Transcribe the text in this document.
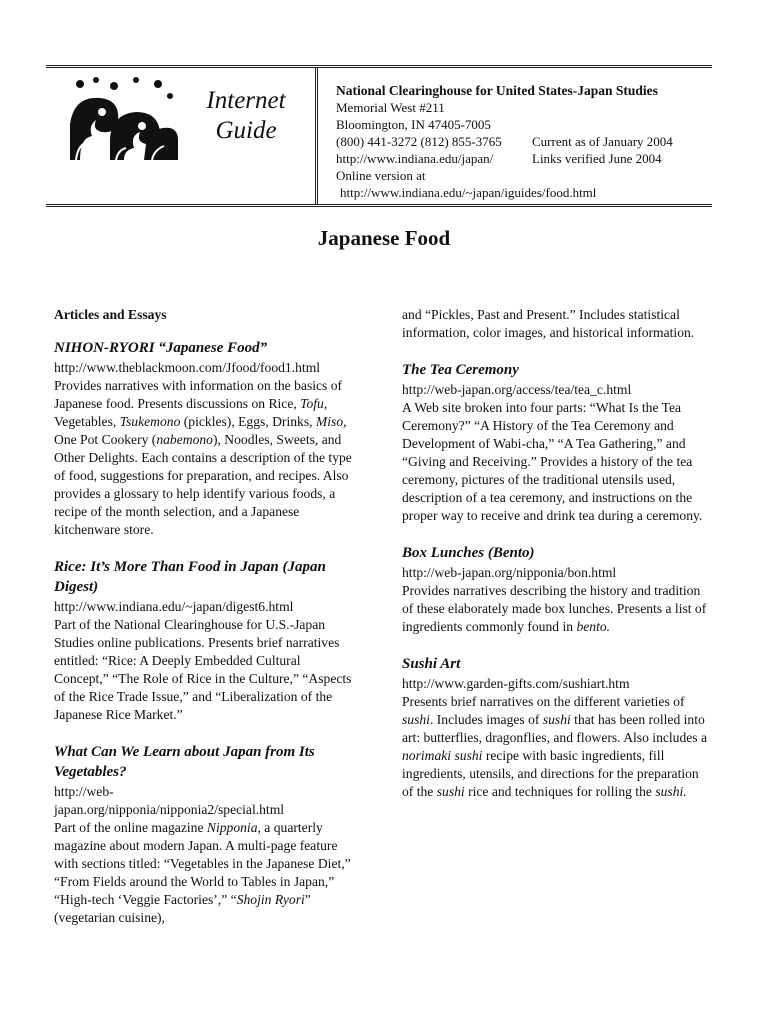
Internet
Guide
National Clearinghouse for United States-Japan Studies
Memorial West #211
Bloomington, IN 47405-7005
(800) 441-3272 (812) 855-3765	Current as of January 2004
http://www.indiana.edu/japan/	Links verified June 2004
Online version at
http://www.indiana.edu/~japan/iguides/food.html
Japanese Food
Articles and Essays
NIHON-RYORI “Japanese Food”
http://www.theblackmoon.com/Jfood/food1.html
Provides narratives with information on the basics of Japanese food. Presents discussions on Rice, Tofu, Vegetables, Tsukemono (pickles), Eggs, Drinks, Miso, One Pot Cookery (nabemono), Noodles, Sweets, and Other Delights. Each contains a description of the type of food, suggestions for preparation, and recipes. Also provides a glossary to help identify various foods, a recipe of the month selection, and a Japanese kitchenware store.
Rice: It’s More Than Food in Japan (Japan Digest)
http://www.indiana.edu/~japan/digest6.html
Part of the National Clearinghouse for U.S.-Japan Studies online publications. Presents brief narratives entitled: “Rice: A Deeply Embedded Cultural Concept,” “The Role of Rice in the Culture,” “Aspects of the Rice Trade Issue,” and “Liberalization of the Japanese Rice Market.”
What Can We Learn about Japan from Its Vegetables?
http://web-japan.org/nipponia/nipponia2/special.html
Part of the online magazine Nipponia, a quarterly magazine about modern Japan. A multi-page feature with sections titled: “Vegetables in the Japanese Diet,” “From Fields around the World to Tables in Japan,” “High-tech ‘Veggie Factories’,” “Shojin Ryori” (vegetarian cuisine),
and “Pickles, Past and Present.” Includes statistical information, color images, and historical information.
The Tea Ceremony
http://web-japan.org/access/tea/tea_c.html
A Web site broken into four parts: “What Is the Tea Ceremony?” “A History of the Tea Ceremony and Development of Wabi-cha,” “A Tea Gathering,” and “Giving and Receiving.” Provides a history of the tea ceremony, pictures of the traditional utensils used, description of a tea ceremony, and instructions on the proper way to receive and drink tea during a ceremony.
Box Lunches (Bento)
http://web-japan.org/nipponia/bon.html
Provides narratives describing the history and tradition of these elaborately made box lunches. Presents a list of ingredients commonly found in bento.
Sushi Art
http://www.garden-gifts.com/sushiart.htm
Presents brief narratives on the different varieties of sushi. Includes images of sushi that has been rolled into art: butterflies, dragonflies, and flowers. Also includes a norimaki sushi recipe with basic ingredients, fill ingredients, utensils, and directions for the preparation of the sushi rice and techniques for rolling the sushi.
